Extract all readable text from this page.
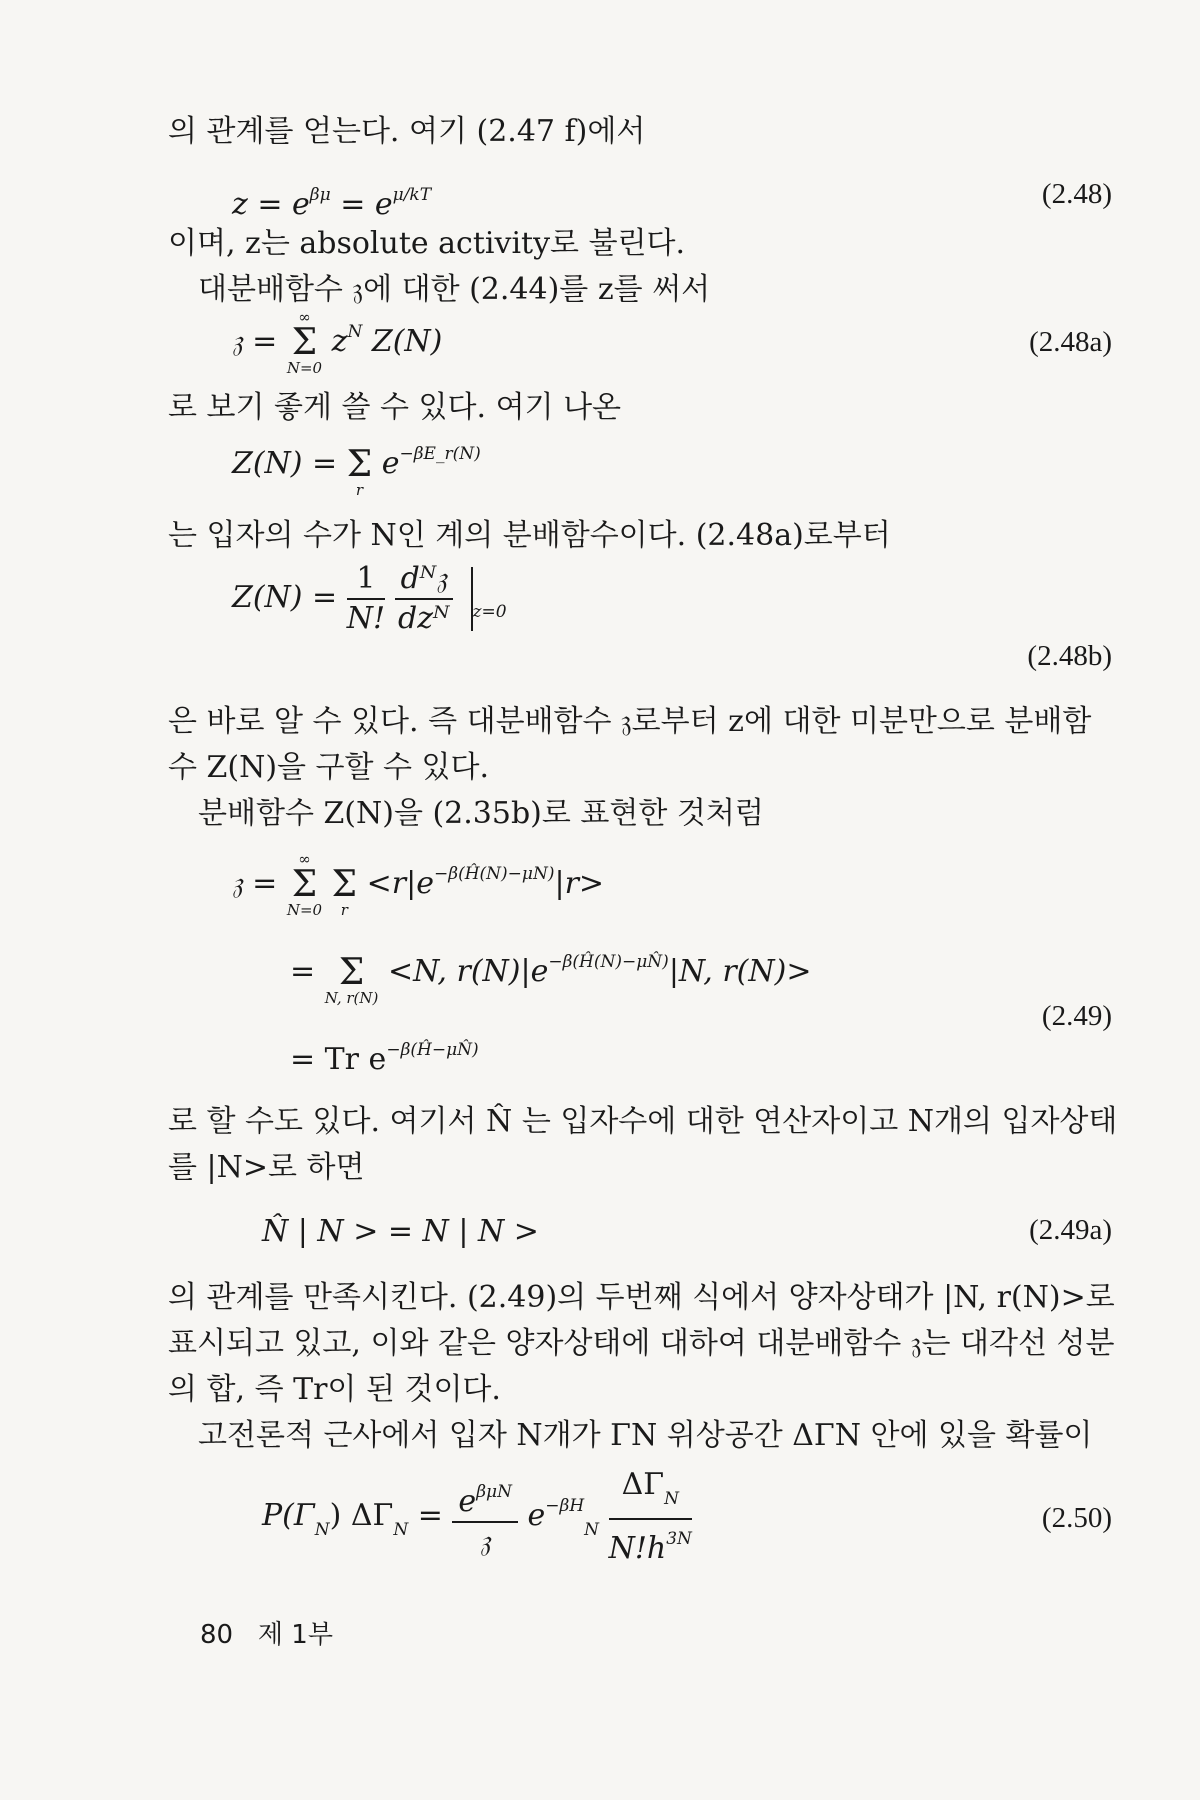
의 관계를 얻는다. 여기 (2.47 f)에서
$z = e^{\beta\mu} = e^{\mu/kT}$	(2.48)
이며, z는 absolute activity로 불린다.
대분배함수 𝔷에 대한 (2.44)를 z를 써서
𝔷 =
∞
Σ
N=0
$z^N$ Z(N)	(2.48a)
로 보기 좋게 쓸 수 있다. 여기 나온
Z(N) =
Σ
r
$e^{-\beta E\_r(N)}$
는 입자의 수가 N인 계의 분배함수이다. (2.48a)로부터
$Z(N) = \frac{1}{N!}$
$\frac{\text{dᴺ𝔷}}{\text{dzᴺ}} _{z=0}$
(2.48b)
은 바로 알 수 있다. 즉 대분배함수 𝔷로부터 z에 대한 미분만으로 분배함
수 Z(N)을 구할 수 있다.
분배함수 Z(N)을 (2.35b)로 표현한 것처럼
𝔷 =
∞
Σ
N=0

Σ
r
$<r|e^{-\beta(Ĥ(N)-\mu N)}|r>$
=
Σ
N, r(N)
<N, $r(N)|e^{-\beta(Ĥ(N)-\mu N̂)}|N$, r(N)>
(2.49)
= Tr $e^{-\beta(Ĥ-\mu N̂)}$
로 할 수도 있다. 여기서 N̂ 는 입자수에 대한 연산자이고 N개의 입자상태
를 |N>로 하면
N̂ | N > = N | N >	(2.49a)
의 관계를 만족시킨다. (2.49)의 두번째 식에서 양자상태가 |N, r(N)>로
표시되고 있고, 이와 같은 양자상태에 대하여 대분배함수 𝔷는 대각선 성분
의 합, 즉 Tr이 된 것이다.
고전론적 근사에서 입자 N개가 ΓN 위상공간 ΔΓN 안에 있을 확률이
$P(\Gamma_N) \Delta\Gamma_N = \frac{e^{\beta\mu N}}{\text{𝔷}} e^{-\beta H}_N \frac{\Delta\Gamma_N}{N!h^{3N}}$	(2.50)
80 제 1부
